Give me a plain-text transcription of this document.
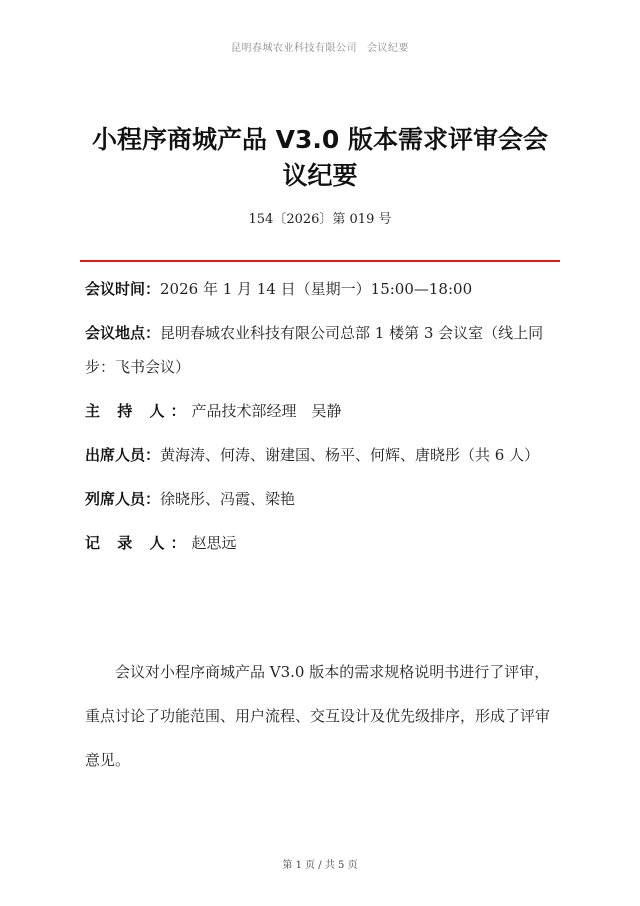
昆明春城农业科技有限公司 会议纪要
小程序商城产品 V3.0 版本需求评审会会议纪要
154〔2026〕第 019 号
会议时间：2026 年 1 月 14 日（星期一）15:00—18:00
会议地点：昆明春城农业科技有限公司总部 1 楼第 3 会议室（线上同步：飞书会议）
主 持 人：产品技术部经理　吴静
出席人员：黄海涛、何涛、谢建国、杨平、何辉、唐晓彤（共 6 人）
列席人员：徐晓彤、冯霞、梁艳
记 录 人：赵思远

会议对小程序商城产品 V3.0 版本的需求规格说明书进行了评审，重点讨论了功能范围、用户流程、交互设计及优先级排序，形成了评审意见。

第 1 页 / 共 5 页
